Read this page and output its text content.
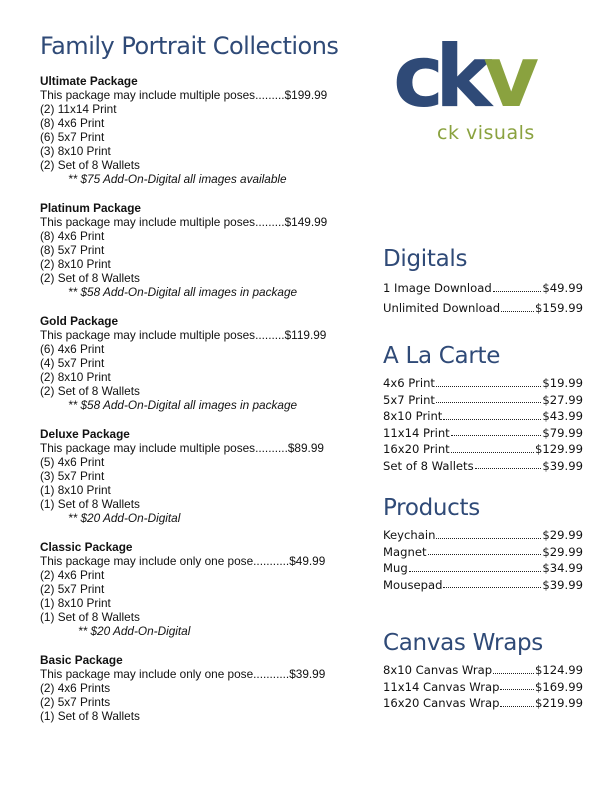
Family Portrait Collections
Ultimate Package
This package may include multiple poses.........$199.99
(2) 11x14 Print
(8) 4x6 Print
(6) 5x7 Print
(3) 8x10 Print
(2) Set of 8 Wallets
** $75 Add-On-Digital all images available
Platinum Package
This package may include multiple poses.........$149.99
(8) 4x6 Print
(8) 5x7 Print
(2) 8x10 Print
(2) Set of 8 Wallets
** $58 Add-On-Digital all images in package
Gold Package
This package may include multiple poses.........$119.99
(6) 4x6 Print
(4) 5x7 Print
(2) 8x10 Print
(2) Set of 8 Wallets
** $58 Add-On-Digital all images in package
Deluxe Package
This package may include multiple poses..........$89.99
(5) 4x6 Print
(3) 5x7 Print
(1) 8x10 Print
(1) Set of 8 Wallets
** $20 Add-On-Digital
Classic Package
This package may include only one pose...........$49.99
(2) 4x6 Print
(2) 5x7 Print
(1) 8x10 Print
(1) Set of 8 Wallets
** $20 Add-On-Digital
Basic Package
This package may include only one pose...........$39.99
(2) 4x6 Prints
(2) 5x7 Prints
(1) Set of 8 Wallets
ckv
ck visuals
Digitals
1 Image Download	$49.99
Unlimited Download	$159.99
A La Carte
4x6 Print	$19.99
5x7 Print	$27.99
8x10 Print	$43.99
11x14 Print	$79.99
16x20 Print	$129.99
Set of 8 Wallets	$39.99
Products
Keychain	$29.99
Magnet	$29.99
Mug	$34.99
Mousepad	$39.99
Canvas Wraps
8x10 Canvas Wrap	$124.99
11x14 Canvas Wrap	$169.99
16x20 Canvas Wrap	$219.99
